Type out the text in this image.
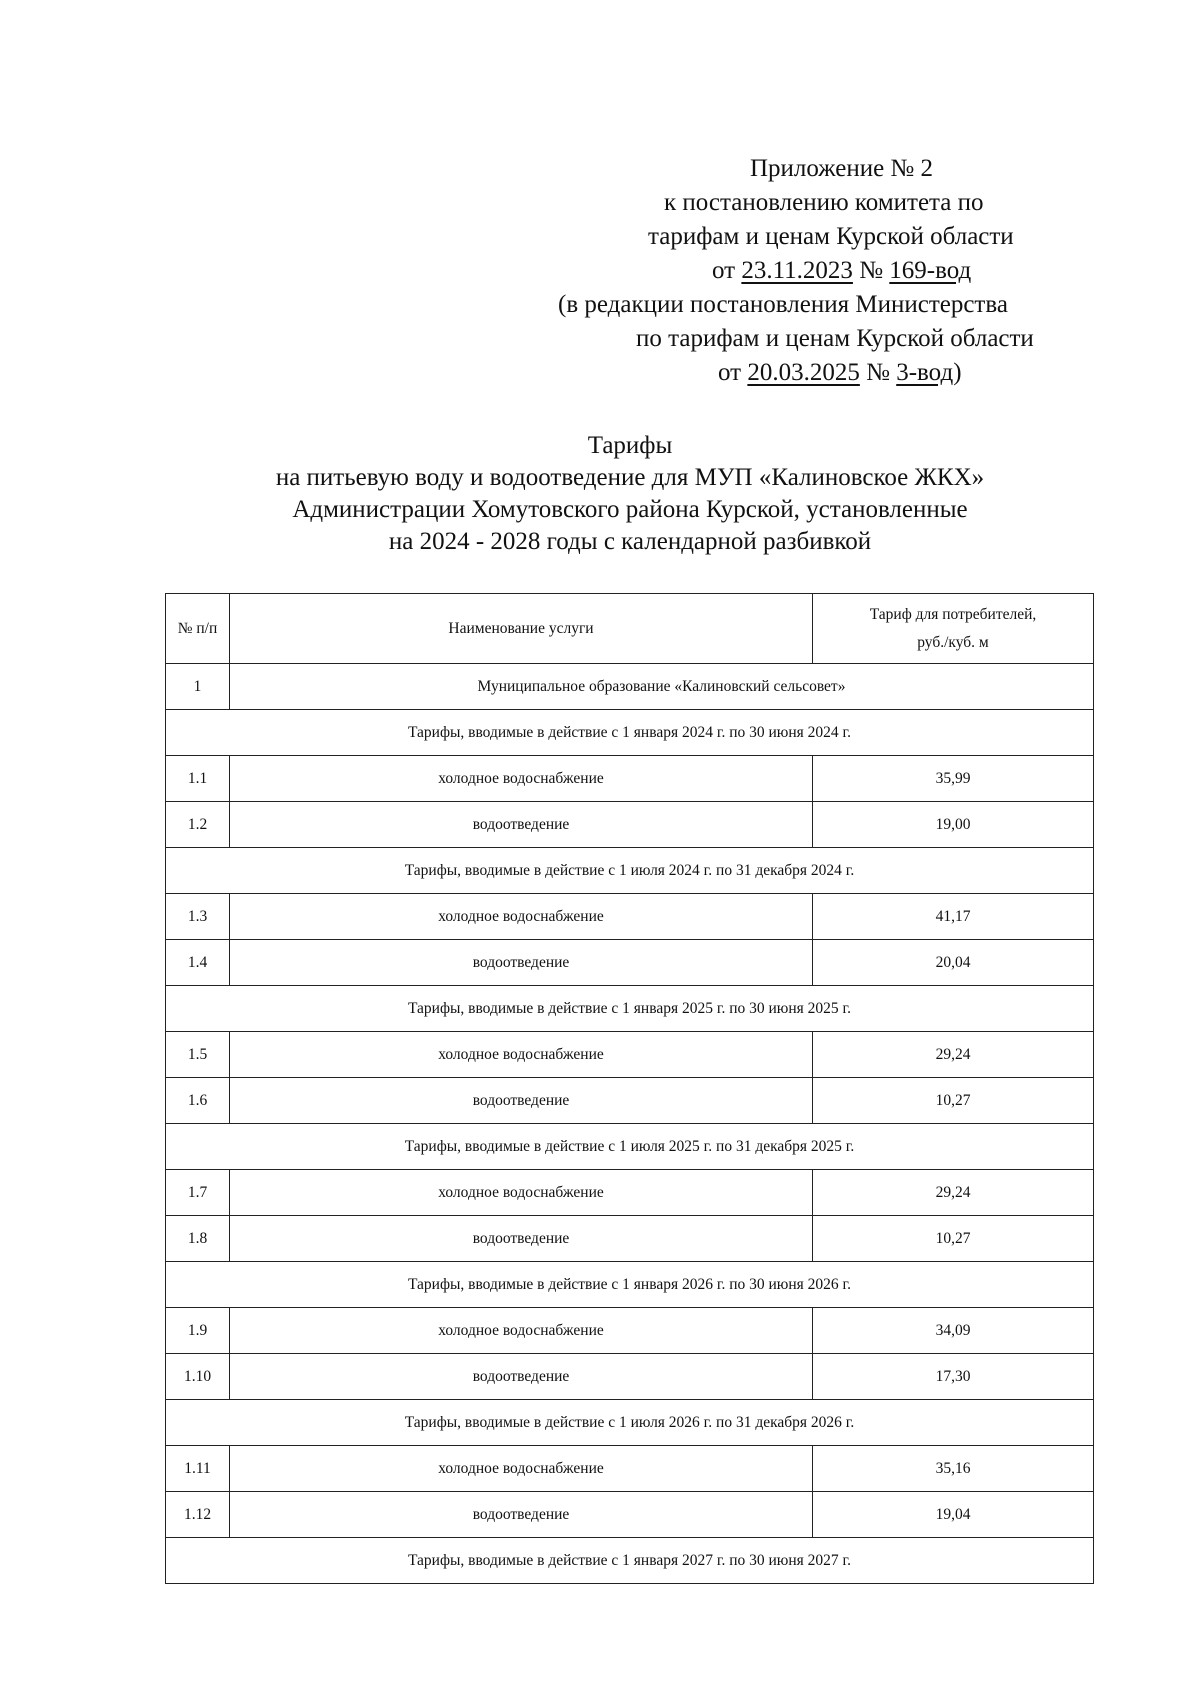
Приложение № 2
к постановлению комитета по
тарифам и ценам Курской области
от 23.11.2023 № 169-вод
(в редакции постановления Министерства
по тарифам и ценам Курской области
от 20.03.2025 № 3-вод)
Тарифы
на питьевую воду и водоотведение для МУП «Калиновское ЖКХ»
Администрации Хомутовского района Курской, установленные
на 2024 - 2028 годы с календарной разбивкой
№ п/п	Наименование услуги	Тариф для потребителей,
руб./куб. м
1	Муниципальное образование «Калиновский сельсовет»	
Тарифы, вводимые в действие с 1 января 2024 г. по 30 июня 2024 г.		
1.1	холодное водоснабжение	35,99
1.2	водоотведение	19,00
Тарифы, вводимые в действие с 1 июля 2024 г. по 31 декабря 2024 г.		
1.3	холодное водоснабжение	41,17
1.4	водоотведение	20,04
Тарифы, вводимые в действие с 1 января 2025 г. по 30 июня 2025 г.		
1.5	холодное водоснабжение	29,24
1.6	водоотведение	10,27
Тарифы, вводимые в действие с 1 июля 2025 г. по 31 декабря 2025 г.		
1.7	холодное водоснабжение	29,24
1.8	водоотведение	10,27
Тарифы, вводимые в действие с 1 января 2026 г. по 30 июня 2026 г.		
1.9	холодное водоснабжение	34,09
1.10	водоотведение	17,30
Тарифы, вводимые в действие с 1 июля 2026 г. по 31 декабря 2026 г.		
1.11	холодное водоснабжение	35,16
1.12	водоотведение	19,04
Тарифы, вводимые в действие с 1 января 2027 г. по 30 июня 2027 г.		
